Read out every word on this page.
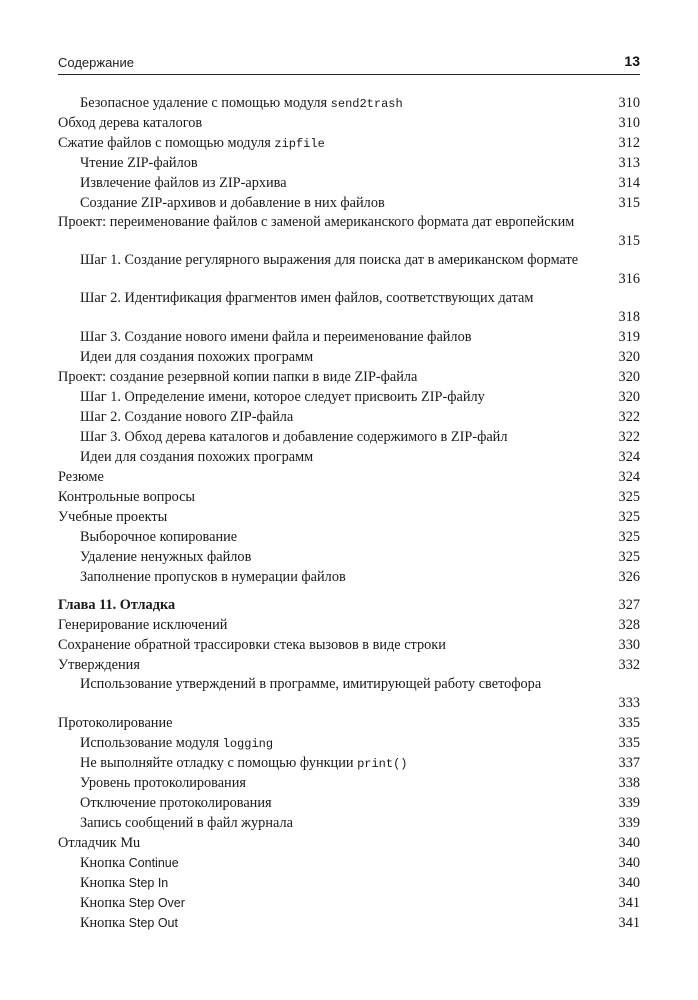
Содержание	13
Безопасное удаление с помощью модуля send2trash	310
Обход дерева каталогов	310
Сжатие файлов с помощью модуля zipfile	312
Чтение ZIP-файлов	313
Извлечение файлов из ZIP-архива	314
Создание ZIP-архивов и добавление в них файлов	315
Проект: переименование файлов с заменой американского формата дат европейским
315
Шаг 1. Создание регулярного выражения для поиска дат в американском формате
316
Шаг 2. Идентификация фрагментов имен файлов, соответствующих датам
318
Шаг 3. Создание нового имени файла и переименование файлов	319
Идеи для создания похожих программ	320
Проект: создание резервной копии папки в виде ZIP-файла	320
Шаг 1. Определение имени, которое следует присвоить ZIP-файлу	320
Шаг 2. Создание нового ZIP-файла	322
Шаг 3. Обход дерева каталогов и добавление содержимого в ZIP-файл	322
Идеи для создания похожих программ	324
Резюме	324
Контрольные вопросы	325
Учебные проекты	325
Выборочное копирование	325
Удаление ненужных файлов	325
Заполнение пропусков в нумерации файлов	326
Глава 11. Отладка	327
Генерирование исключений	328
Сохранение обратной трассировки стека вызовов в виде строки	330
Утверждения	332
Использование утверждений в программе, имитирующей работу светофора
333
Протоколирование	335
Использование модуля logging	335
Не выполняйте отладку с помощью функции print()	337
Уровень протоколирования	338
Отключение протоколирования	339
Запись сообщений в файл журнала	339
Отладчик Mu	340
Кнопка Continue	340
Кнопка Step In	340
Кнопка Step Over	341
Кнопка Step Out	341
